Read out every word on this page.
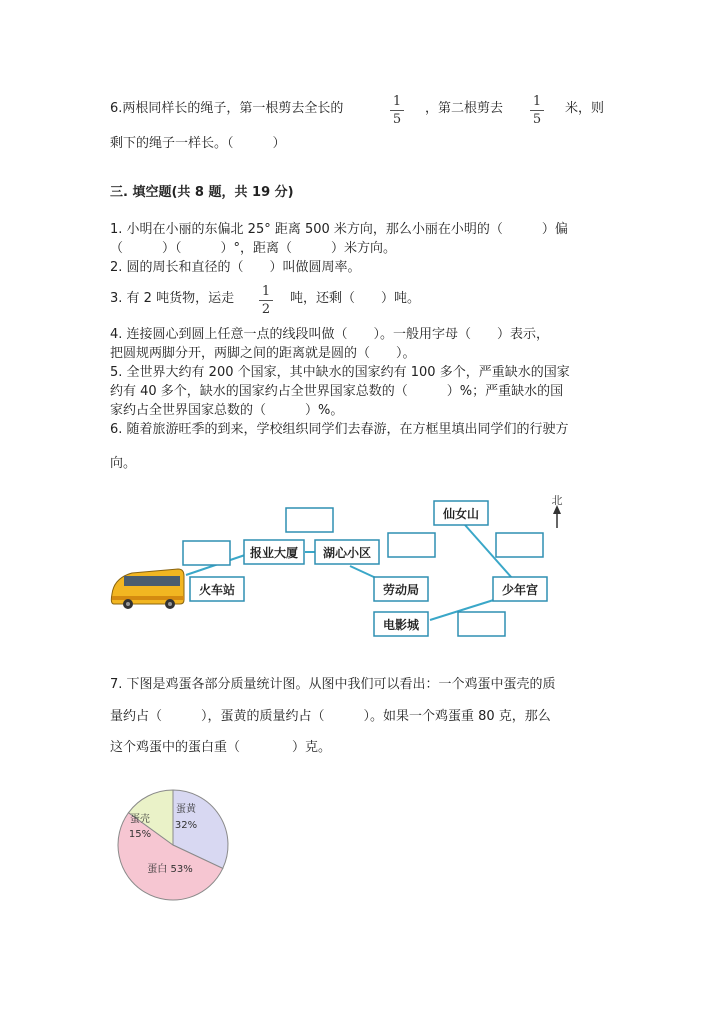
6.两根同样长的绳子，第一根剪去全长的	1
5
，第二根剪去 1
5
米，则
剩下的绳子一样长。（　　　）
三. 填空题(共 8 题，共 19 分)
1. 小明在小丽的东偏北 25° 距离 500 米方向，那么小丽在小明的（　　　）偏
（　　　）（　　　）°，距离（　　　）米方向。
2. 圆的周长和直径的（　　）叫做圆周率。
3. 有 2 吨货物，运走 1
2
吨，还剩（　　）吨。
4. 连接圆心到圆上任意一点的线段叫做（　　）。一般用字母（　　）表示，
把圆规两脚分开，两脚之间的距离就是圆的（　　）。
5. 全世界大约有 200 个国家，其中缺水的国家约有 100 多个，严重缺水的国家
约有 40 多个，缺水的国家约占全世界国家总数的（　　　）%；严重缺水的国
家约占全世界国家总数的（　　　）%。
6. 随着旅游旺季的到来，学校组织同学们去春游，在方框里填出同学们的行驶方
向。
火车站
报业大厦 湖心小区
劳动局
仙女山
少年宫
电影城
北
7. 下图是鸡蛋各部分质量统计图。从图中我们可以看出：一个鸡蛋中蛋壳的质
量约占（　　　），蛋黄的质量约占（　　　）。如果一个鸡蛋重 80 克，那么
这个鸡蛋中的蛋白重（　　　　）克。
蛋黄
32%
蛋壳
15%
蛋白 53%
